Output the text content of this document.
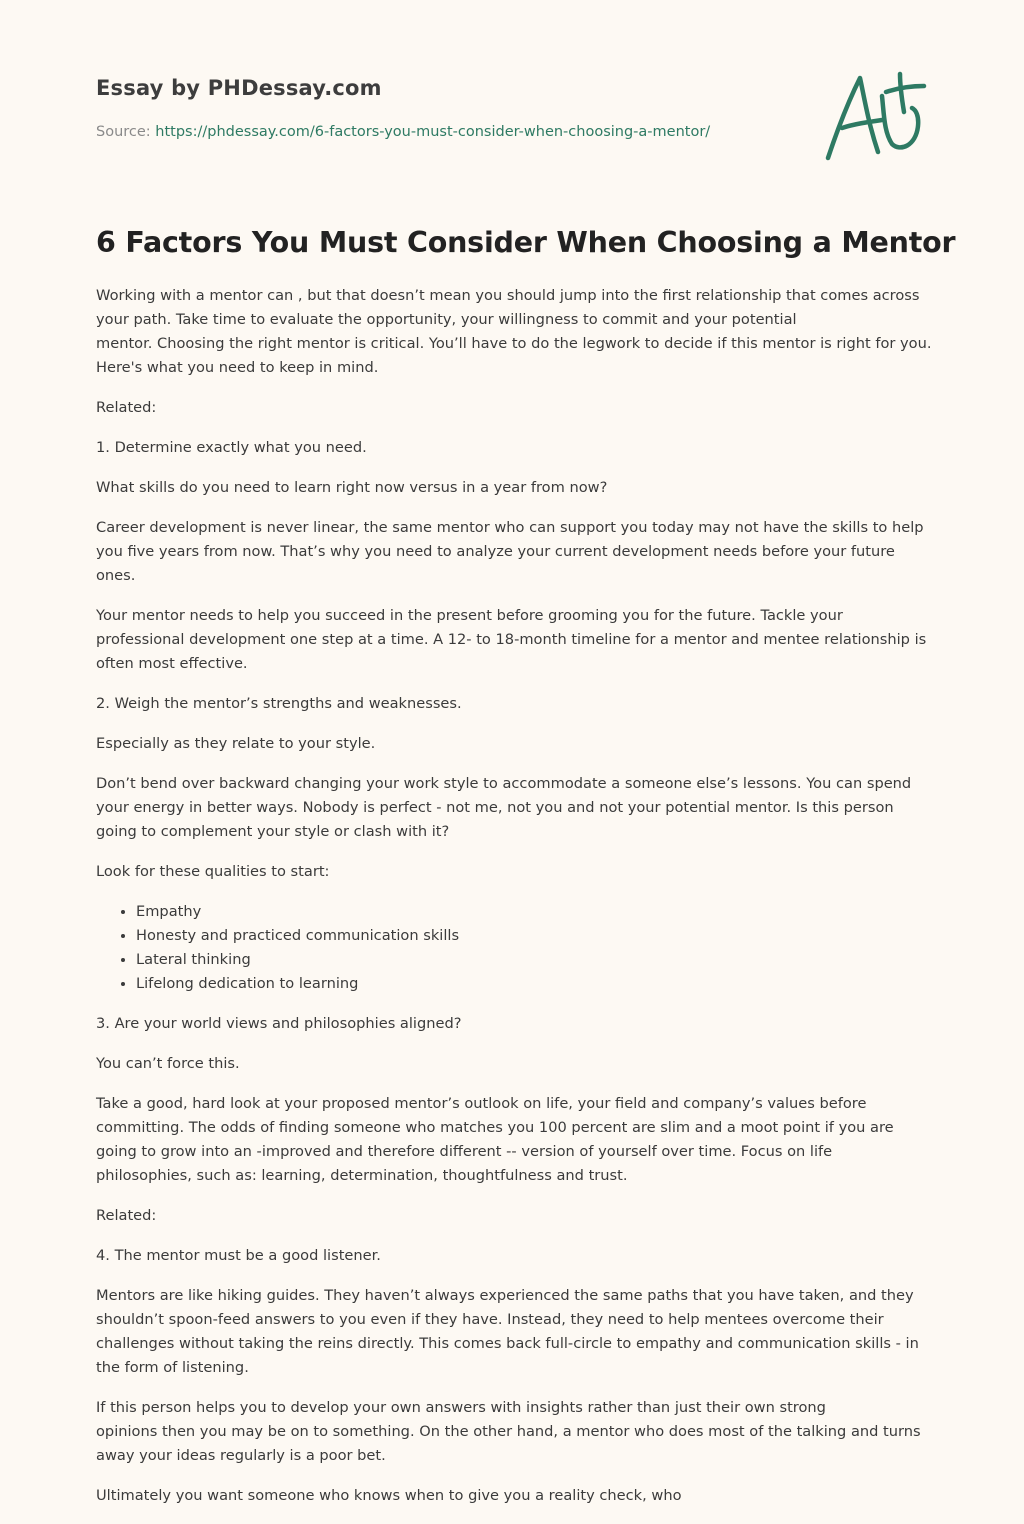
Essay by PHDessay.com
Source: https://phdessay.com/6-factors-you-must-consider-when-choosing-a-mentor/
6 Factors You Must Consider When Choosing a Mentor

Working with a mentor can , but that doesn’t mean you should jump into the first relationship that comes across your path. Take time to evaluate the opportunity, your willingness to commit and your potential
mentor. Choosing the right mentor is critical. You’ll have to do the legwork to decide if this mentor is right for you. Here's what you need to keep in mind.

Related:

1. Determine exactly what you need.

What skills do you need to learn right now versus in a year from now?

Career development is never linear, the same mentor who can support you today may not have the skills to help you five years from now. That’s why you need to analyze your current development needs before your future ones.

Your mentor needs to help you succeed in the present before grooming you for the future. Tackle your professional development one step at a time. A 12- to 18-month timeline for a mentor and mentee relationship is often most effective.

2. Weigh the mentor’s strengths and weaknesses.

Especially as they relate to your style.

Don’t bend over backward changing your work style to accommodate a someone else’s lessons. You can spend your energy in better ways. Nobody is perfect - not me, not you and not your potential mentor. Is this person going to complement your style or clash with it?

Look for these qualities to start:

• Empathy
• Honesty and practiced communication skills
• Lateral thinking
• Lifelong dedication to learning

3. Are your world views and philosophies aligned?

You can’t force this.

Take a good, hard look at your proposed mentor’s outlook on life, your field and company’s values before committing. The odds of finding someone who matches you 100 percent are slim and a moot point if you are going to grow into an -improved and therefore different -- version of yourself over time. Focus on life philosophies, such as: learning, determination, thoughtfulness and trust.

Related:

4. The mentor must be a good listener.

Mentors are like hiking guides. They haven’t always experienced the same paths that you have taken, and they shouldn’t spoon-feed answers to you even if they have. Instead, they need to help mentees overcome their challenges without taking the reins directly. This comes back full-circle to empathy and communication skills - in the form of listening.

If this person helps you to develop your own answers with insights rather than just their own strong
opinions then you may be on to something. On the other hand, a mentor who does most of the talking and turns away your ideas regularly is a poor bet.

Ultimately you want someone who knows when to give you a reality check, who
